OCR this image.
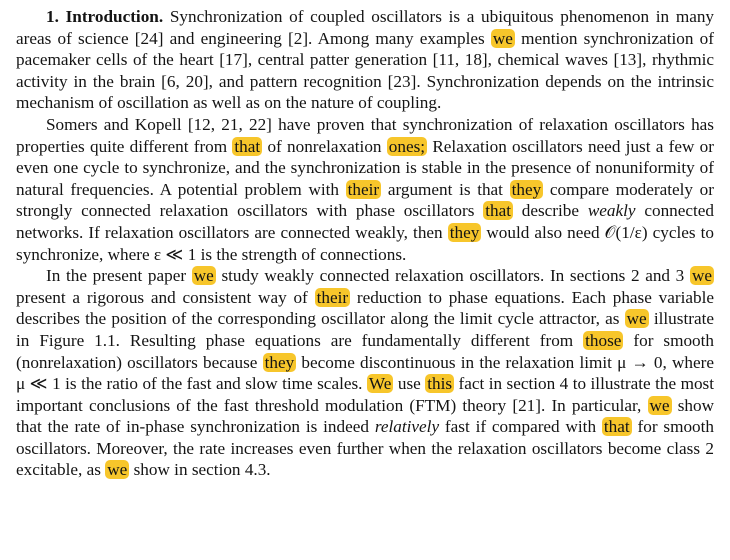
1. Introduction. Synchronization of coupled oscillators is a ubiquitous phenomenon in many areas of science [24] and engineering [2]. Among many examples we mention synchronization of pacemaker cells of the heart [17], central patter generation [11, 18], chemical waves [13], rhythmic activity in the brain [6, 20], and pattern recognition [23]. Synchronization depends on the intrinsic mechanism of oscillation as well as on the nature of coupling.

Somers and Kopell [12, 21, 22] have proven that synchronization of relaxation oscillators has properties quite different from that of nonrelaxation ones; Relaxation oscillators need just a few or even one cycle to synchronize, and the synchronization is stable in the presence of nonuniformity of natural frequencies. A potential problem with their argument is that they compare moderately or strongly connected relaxation oscillators with phase oscillators that describe weakly connected networks. If relaxation oscillators are connected weakly, then they would also need 𝒪(1/ε) cycles to synchronize, where ε ≪ 1 is the strength of connections.

In the present paper we study weakly connected relaxation oscillators. In sections 2 and 3 we present a rigorous and consistent way of their reduction to phase equations. Each phase variable describes the position of the corresponding oscillator along the limit cycle attractor, as we illustrate in Figure 1.1. Resulting phase equations are fundamentally different from those for smooth (nonrelaxation) oscillators because they become discontinuous in the relaxation limit μ → 0, where μ ≪ 1 is the ratio of the fast and slow time scales. We use this fact in section 4 to illustrate the most important conclusions of the fast threshold modulation (FTM) theory [21]. In particular, we show that the rate of in-phase synchronization is indeed relatively fast if compared with that for smooth oscillators. Moreover, the rate increases even further when the relaxation oscillators become class 2 excitable, as we show in section 4.3.
